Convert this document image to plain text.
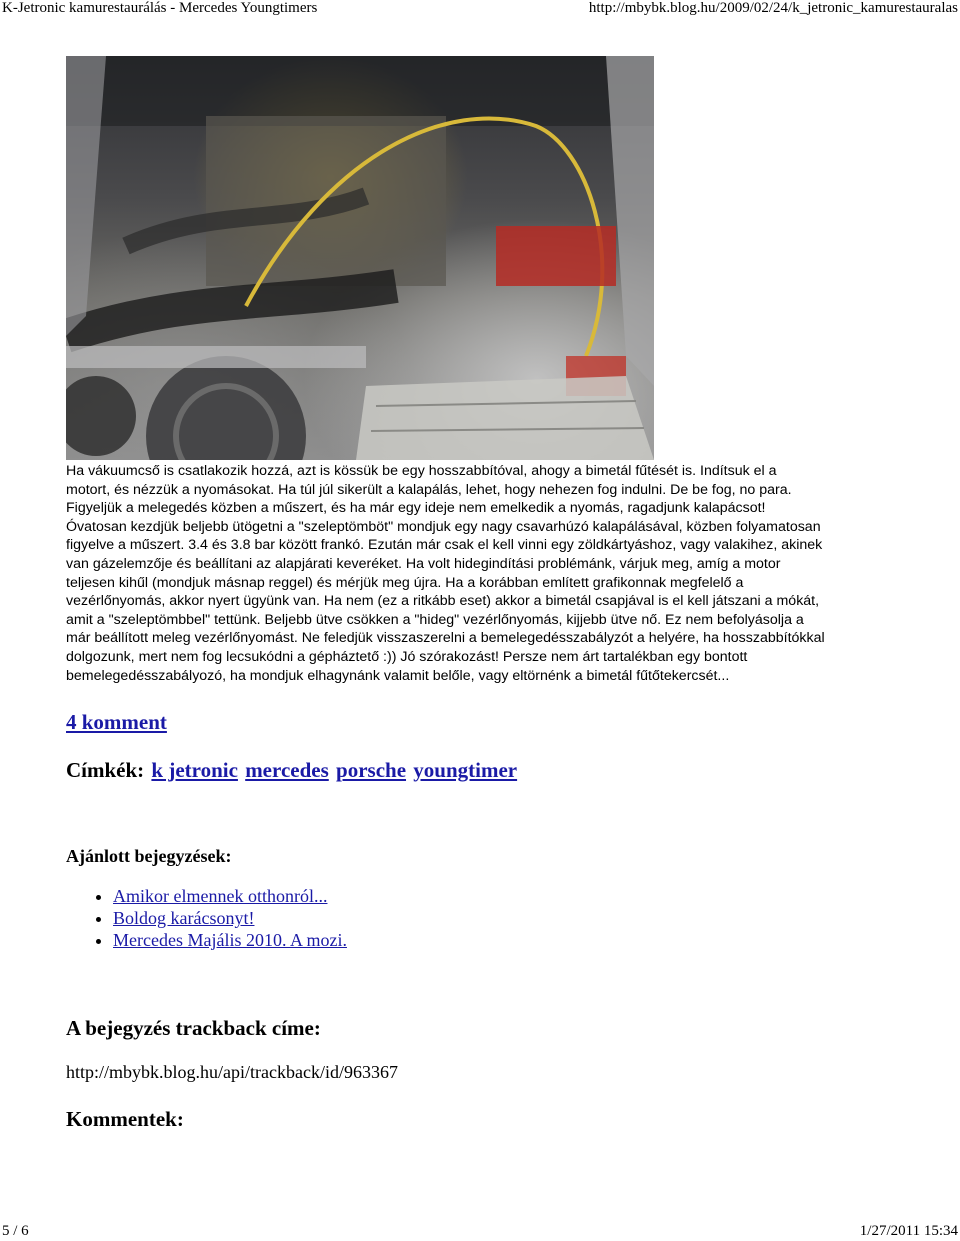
K-Jetronic kamurestaurálás - Mercedes Youngtimers	http://mbybk.blog.hu/2009/02/24/k_jetronic_kamurestauralas

Ha vákuumcső is csatlakozik hozzá, azt is kössük be egy hosszabbítóval, ahogy a bimetál fűtését is. Indítsuk el a

motort, és nézzük a nyomásokat. Ha túl júl sikerült a kalapálás, lehet, hogy nehezen fog indulni. De be fog, no para.

Figyeljük a melegedés közben a műszert, és ha már egy ideje nem emelkedik a nyomás, ragadjunk kalapácsot!

Óvatosan kezdjük beljebb ütögetni a "szeleptömböt" mondjuk egy nagy csavarhúzó kalapálásával, közben folyamatosan

figyelve a műszert. 3.4 és 3.8 bar között frankó. Ezután már csak el kell vinni egy zöldkártyáshoz, vagy valakihez, akinek

van gázelemzője és beállítani az alapjárati keveréket. Ha volt hidegindítási problémánk, várjuk meg, amíg a motor

teljesen kihűl (mondjuk másnap reggel) és mérjük meg újra. Ha a korábban említett grafikonnak megfelelő a

vezérlőnyomás, akkor nyert ügyünk van. Ha nem (ez a ritkább eset) akkor a bimetál csapjával is el kell játszani a mókát,

amit a "szeleptömbbel" tettünk. Beljebb ütve csökken a "hideg" vezérlőnyomás, kijjebb ütve nő. Ez nem befolyásolja a

már beállított meleg vezérlőnyomást. Ne feledjük visszaszerelni a bemelegedésszabályzót a helyére, ha hosszabbítókkal

dolgozunk, mert nem fog lecsukódni a gépháztető :)) Jó szórakozást! Persze nem árt tartalékban egy bontott

bemelegedésszabályozó, ha mondjuk elhagynánk valamit belőle, vagy eltörnénk a bimetál fűtőtekercsét...

4 komment
Címkék: k jetronic mercedes porsche youngtimer
Ajánlott bejegyzések:
• Amikor elmennek otthonról...
• Boldog karácsonyt!
• Mercedes Majális 2010. A mozi.
A bejegyzés trackback címe:
http://mbybk.blog.hu/api/trackback/id/963367
Kommentek:
5 / 6	1/27/2011 15:34
